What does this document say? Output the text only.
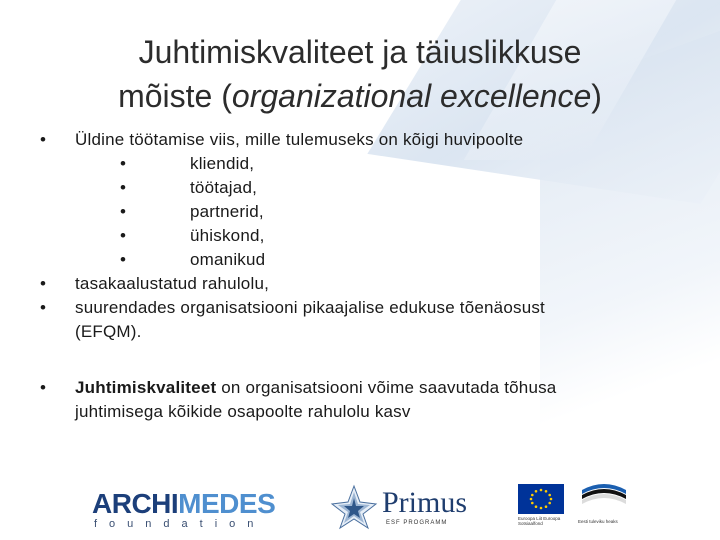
Juhtimiskvaliteet ja täiuslikkuse
mõiste (organizational excellence)
• Üldine töötamise viis, mille tulemuseks on kõigi huvipoolte
•	kliendid,
•	töötajad,
•	partnerid,
•	ühiskond,
•	omanikud
• tasakaalustatud rahulolu,
• suurendades organisatsiooni pikaajalise edukuse tõenäosust
(EFQM).
• Juhtimiskvaliteet on organisatsiooni võime saavutada tõhusa
juhtimisega kõikide osapoolte rahulolu kasv
ARCHIMEDES
foundation
Primus
ESF PROGRAMM
Euroopa Liit Euroopa Sotsiaalfond	Eesti tuleviku heaks
